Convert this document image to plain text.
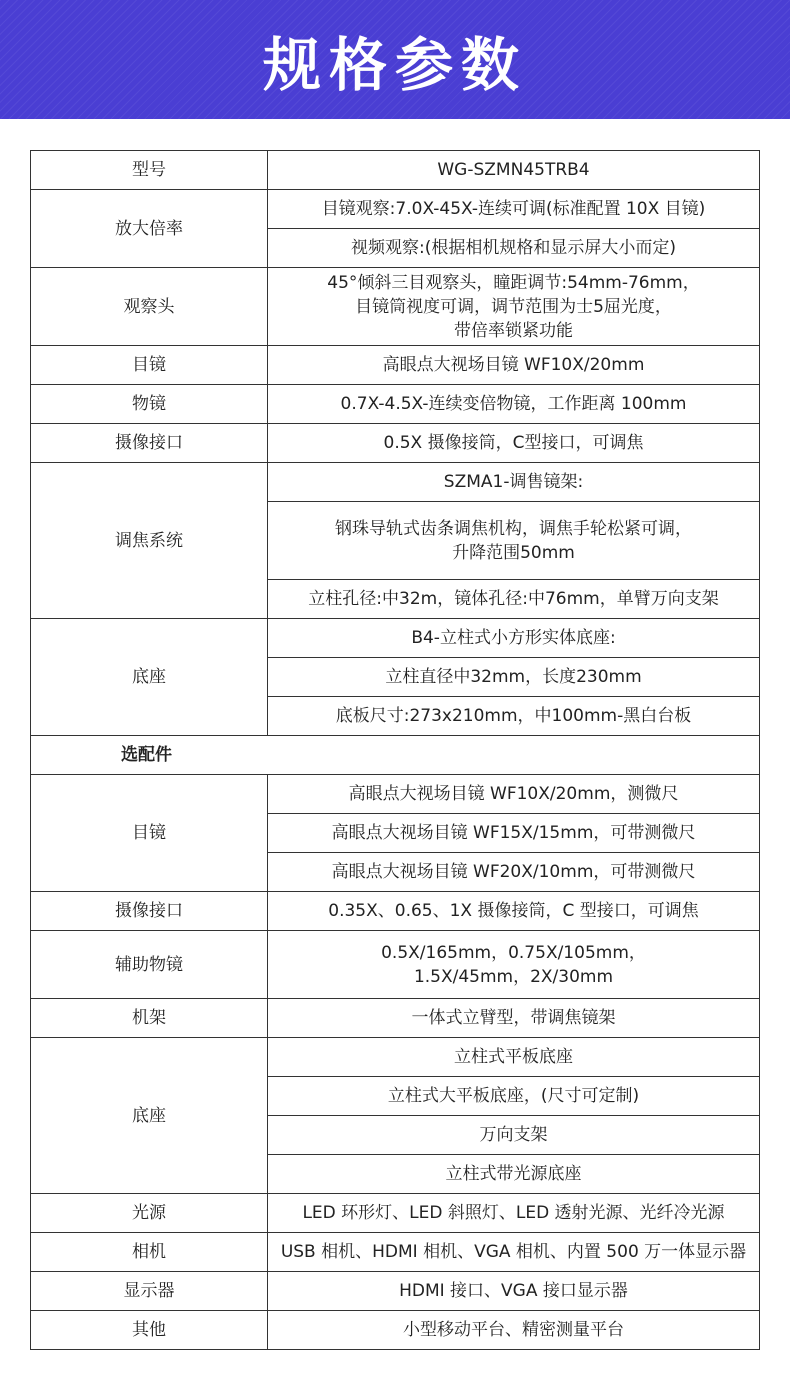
规格参数
型号	WG-SZMN45TRB4
放大倍率	目镜观察:7.0X-45X-连续可调(标准配置 10X 目镜)
	视频观察:(根据相机规格和显示屏大小而定)
观察头	45°倾斜三目观察头，瞳距调节:54mm-76mm，
目镜筒视度可调，调节范围为士5屈光度，
带倍率锁紧功能

目镜	高眼点大视场目镜 WF10X/20mm
物镜	0.7X-4.5X-连续变倍物镜，工作距离 100mm
摄像接口	0.5X 摄像接筒，C型接口，可调焦
调焦系统	SZMA1-调售镜架:

	钢珠导轨式齿条调焦机构，调焦手轮松紧可调，
升降范围50mm

	立柱孔径:中32m，镜体孔径:中76mm，单臂万向支架
底座	B4-立柱式小方形实体底座:
	立柱直径中32mm，长度230mm
	底板尺寸:273x210mm，中100mm-黑白台板
选配件	
目镜	高眼点大视场目镜 WF10X/20mm，测微尺
	高眼点大视场目镜 WF15X/15mm，可带测微尺
	高眼点大视场目镜 WF20X/10mm，可带测微尺
摄像接口	0.35X、0.65、1X 摄像接筒，C 型接口，可调焦
辅助物镜	0.5X/165mm，0.75X/105mm，
1.5X/45mm，2X/30mm

机架	一体式立臂型，带调焦镜架
底座	立柱式平板底座
	立柱式大平板底座，(尺寸可定制)
	万向支架
	立柱式带光源底座
光源	LED 环形灯、LED 斜照灯、LED 透射光源、光纤冷光源
相机	USB 相机、HDMI 相机、VGA 相机、内置 500 万一体显示器
显示器	HDMI 接口、VGA 接口显示器
其他	小型移动平台、精密测量平台
